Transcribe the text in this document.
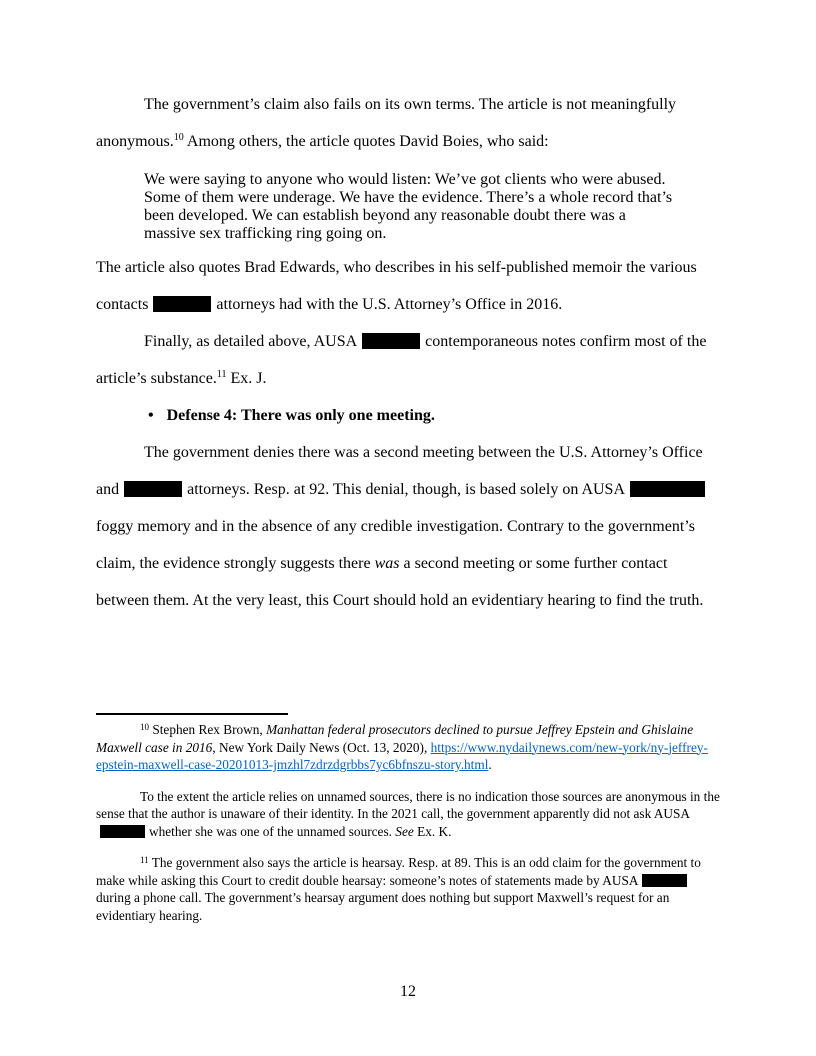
The government’s claim also fails on its own terms. The article is not meaningfully anonymous.$^{10}$ Among others, the article quotes David Boies, who said:

We were saying to anyone who would listen: We’ve got clients who were abused. Some of them were underage. We have the evidence. There’s a whole record that’s been developed. We can establish beyond any reasonable doubt there was a massive sex trafficking ring going on.

The article also quotes Brad Edwards, who describes in his self-published memoir the various contacts	attorneys had with the U.S. Attorney’s Office in 2016.

Finally, as detailed above, AUSA	contemporaneous notes confirm most of the article’s substance.$^{11}$ Ex. J.

• Defense 4: There was only one meeting.

The government denies there was a second meeting between the U.S. Attorney’s Office and	attorneys. Resp. at 92. This denial, though, is based solely on AUSAfoggy memory and in the absence of any credible investigation. Contrary to the government’s claim, the evidence strongly suggests there was a second meeting or some further contact between them. At the very least, this Court should hold an evidentiary hearing to find the truth.

$^{10}$ Stephen Rex Brown, Manhattan federal prosecutors declined to pursue Jeffrey Epstein and Ghislaine Maxwell case in 2016, New York Daily News (Oct. 13, 2020), https://www.nydailynews.com/new-york/ny-jeffrey-epstein-maxwell-case-20201013-jmzhl7zdrzdgrbbs7yc6bfnszu-story.html.

To the extent the article relies on unnamed sources, there is no indication those sources are anonymous in the sense that the author is unaware of their identity. In the 2021 call, the government apparently did not ask AUSAwhether she was one of the unnamed sources. See Ex. K.

$^{11}$ The government also says the article is hearsay. Resp. at 89. This is an odd claim for the government to make while asking this Court to credit double hearsay: someone’s notes of statements made by AUSAduring a phone call. The government’s hearsay argument does nothing but support Maxwell’s request for an evidentiary hearing.

12
